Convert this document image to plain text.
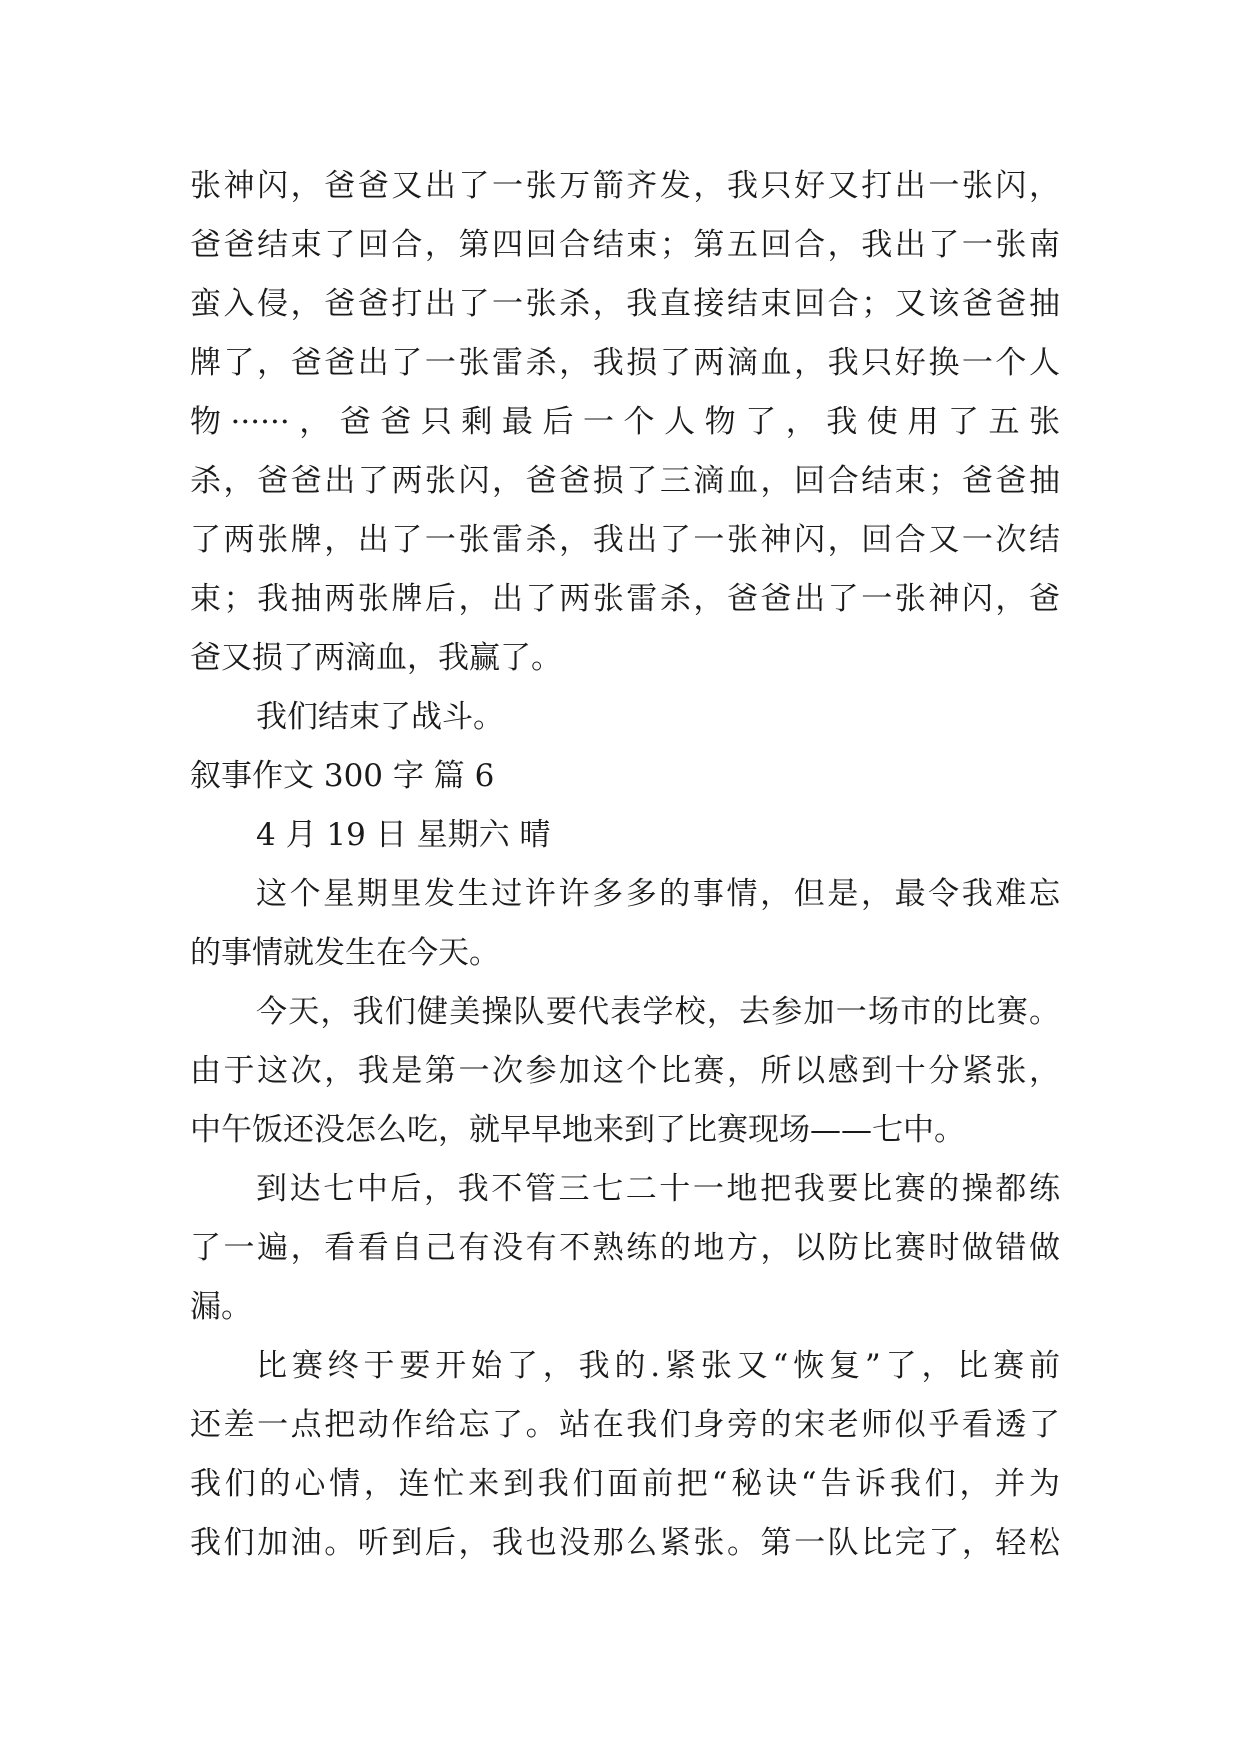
张神闪，爸爸又出了一张万箭齐发，我只好又打出一张闪，
爸爸结束了回合，第四回合结束；第五回合，我出了一张南
蛮入侵，爸爸打出了一张杀，我直接结束回合；又该爸爸抽
牌了，爸爸出了一张雷杀，我损了两滴血，我只好换一个人
物······，爸爸只剩最后一个人物了，我使用了五张
杀，爸爸出了两张闪，爸爸损了三滴血，回合结束；爸爸抽
了两张牌，出了一张雷杀，我出了一张神闪，回合又一次结
束；我抽两张牌后，出了两张雷杀，爸爸出了一张神闪，爸
爸又损了两滴血，我赢了。
我们结束了战斗。
叙事作文 300 字 篇 6
4 月 19 日 星期六 晴
这个星期里发生过许许多多的事情，但是，最令我难忘
的事情就发生在今天。
今天，我们健美操队要代表学校，去参加一场市的比赛。
由于这次，我是第一次参加这个比赛，所以感到十分紧张，
中午饭还没怎么吃，就早早地来到了比赛现场——七中。
到达七中后，我不管三七二十一地把我要比赛的操都练
了一遍，看看自己有没有不熟练的地方，以防比赛时做错做
漏。
比赛终于要开始了，我的.紧张又“恢复”了，比赛前
还差一点把动作给忘了。站在我们身旁的宋老师似乎看透了
我们的心情，连忙来到我们面前把“秘诀“告诉我们，并为
我们加油。听到后，我也没那么紧张。第一队比完了，轻松
